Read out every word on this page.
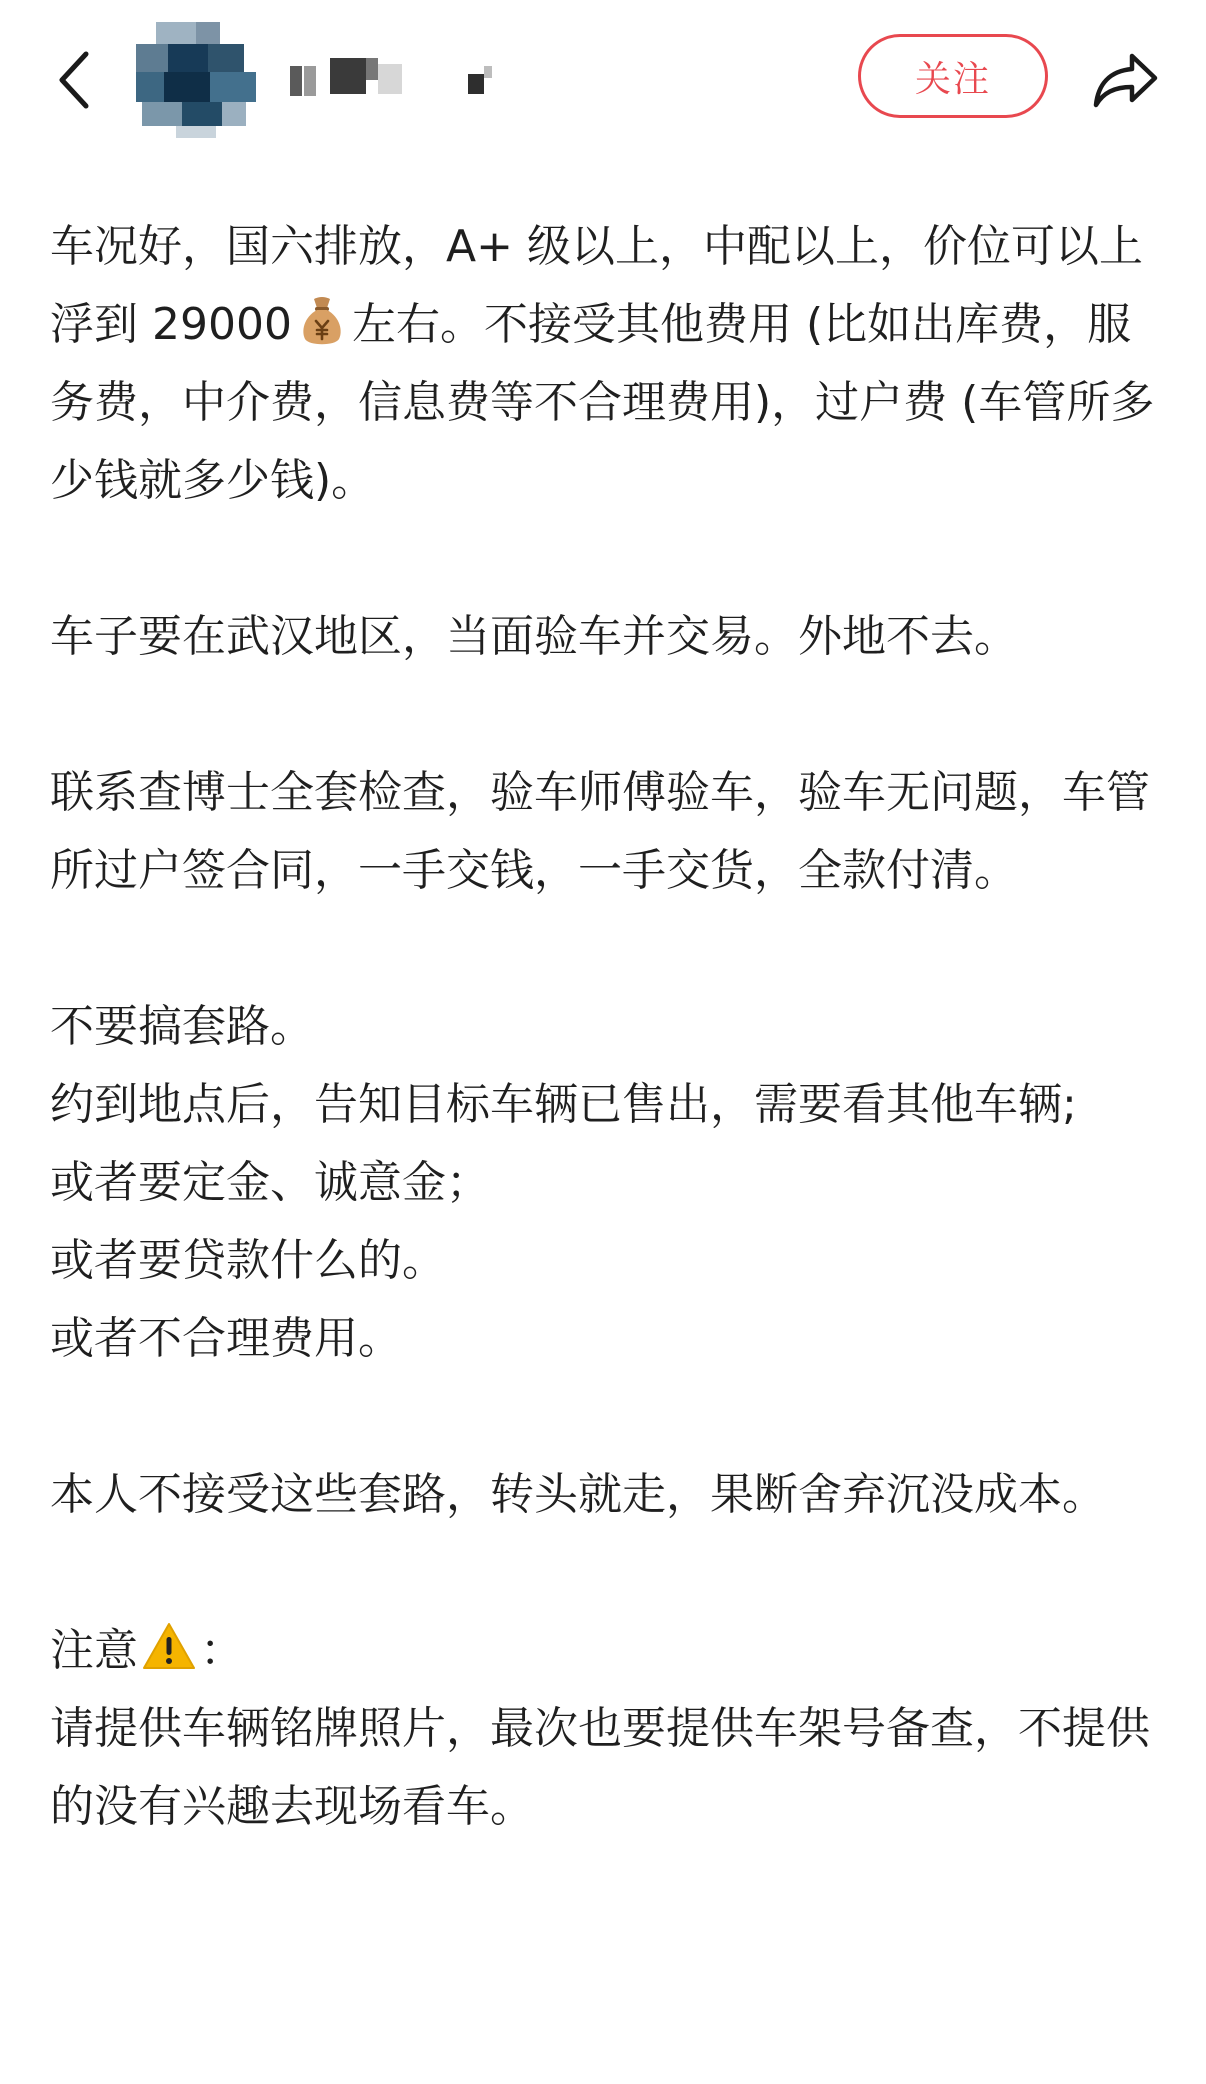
关注

车况好，国六排放，A+ 级以上，中配以上，价位可以上浮到 29000 左右。不接受其他费用 (比如出库费，服务费，中介费，信息费等不合理费用)，过户费 (车管所多少钱就多少钱)。

车子要在武汉地区，当面验车并交易。外地不去。

联系查博士全套检查，验车师傅验车，验车无问题，车管所过户签合同，一手交钱，一手交货，全款付清。

不要搞套路。

约到地点后，告知目标车辆已售出，需要看其他车辆;

或者要定金、诚意金；

或者要贷款什么的。

或者不合理费用。

本人不接受这些套路，转头就走，果断舍弃沉没成本。

注意 ：

请提供车辆铭牌照片，最次也要提供车架号备查，不提供的没有兴趣去现场看车。
